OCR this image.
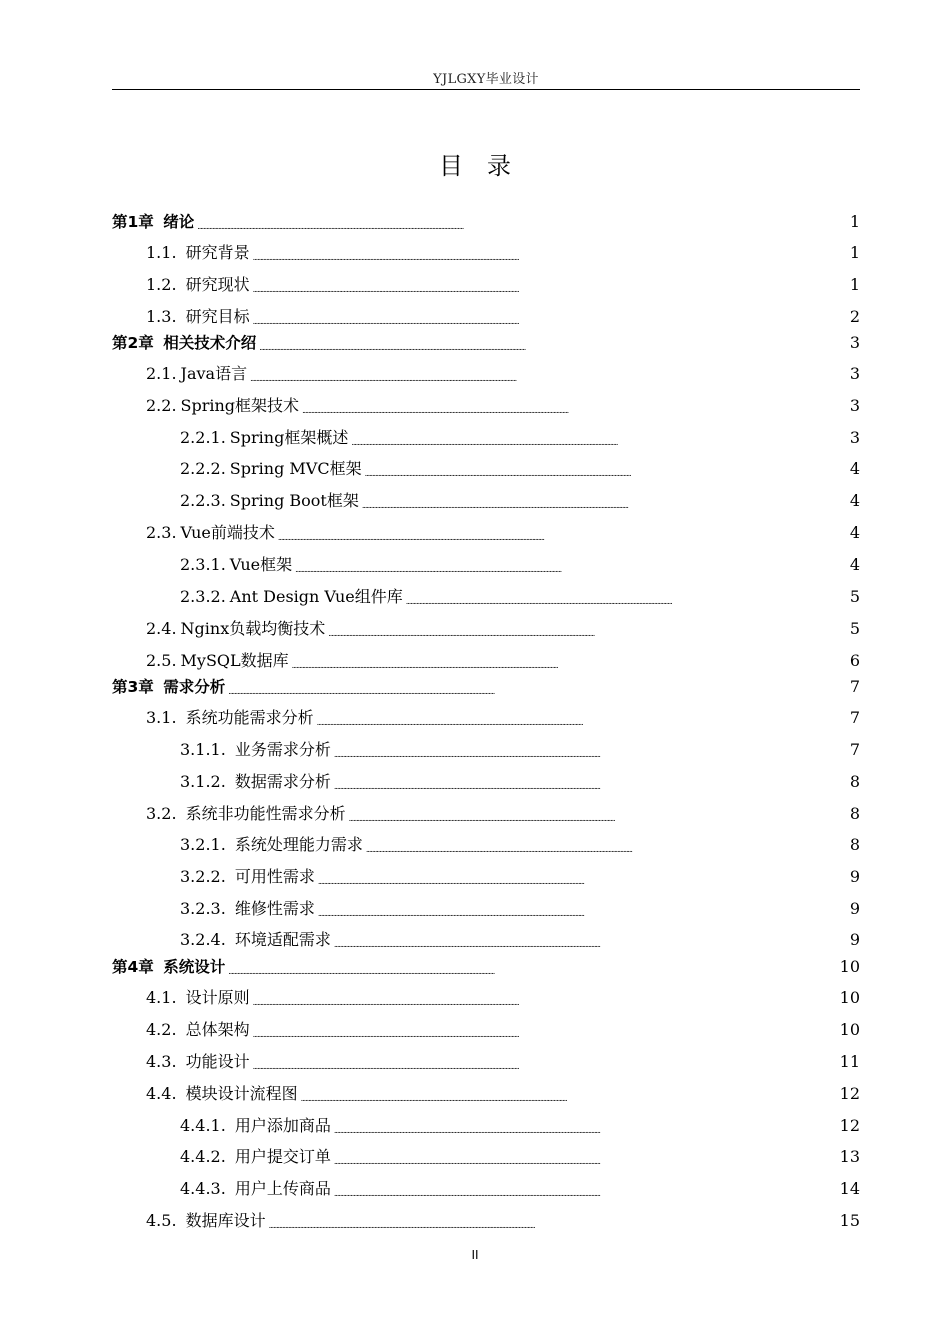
YJLGXY毕业设计
目录
第1章 绪论 . . .	1
1.1. 研究背景 . . .	1
1.2. 研究现状 . . .	1
1.3. 研究目标 . . .	2
第2章 相关技术介绍 . . .	3
2.1. Java语言 . . .	3
2.2. Spring框架技术 . . .	3
2.2.1. Spring框架概述 . . .	3
2.2.2. Spring MVC框架 . . .	4
2.2.3. Spring Boot框架 . . .	4
2.3. Vue前端技术 . . .	4
2.3.1. Vue框架 . . .	4
2.3.2. Ant Design Vue组件库 . . .	5
2.4. Nginx负载均衡技术 . . .	5
2.5. MySQL数据库 . . .	6
第3章 需求分析 . . .	7
3.1. 系统功能需求分析 . . .	7
3.1.1. 业务需求分析 . . .	7
3.1.2. 数据需求分析 . . .	8
3.2. 系统非功能性需求分析 . . .	8
3.2.1. 系统处理能力需求 . . .	8
3.2.2. 可用性需求 . . .	9
3.2.3. 维修性需求 . . .	9
3.2.4. 环境适配需求 . . .	9
第4章 系统设计 . . .	10
4.1. 设计原则 . . .	10
4.2. 总体架构 . . .	10
4.3. 功能设计 . . .	11
4.4. 模块设计流程图 . . .	12
4.4.1. 用户添加商品 . . .	12
4.4.2. 用户提交订单 . . .	13
4.4.3. 用户上传商品 . . .	14
4.5. 数据库设计 . . .	15
II
